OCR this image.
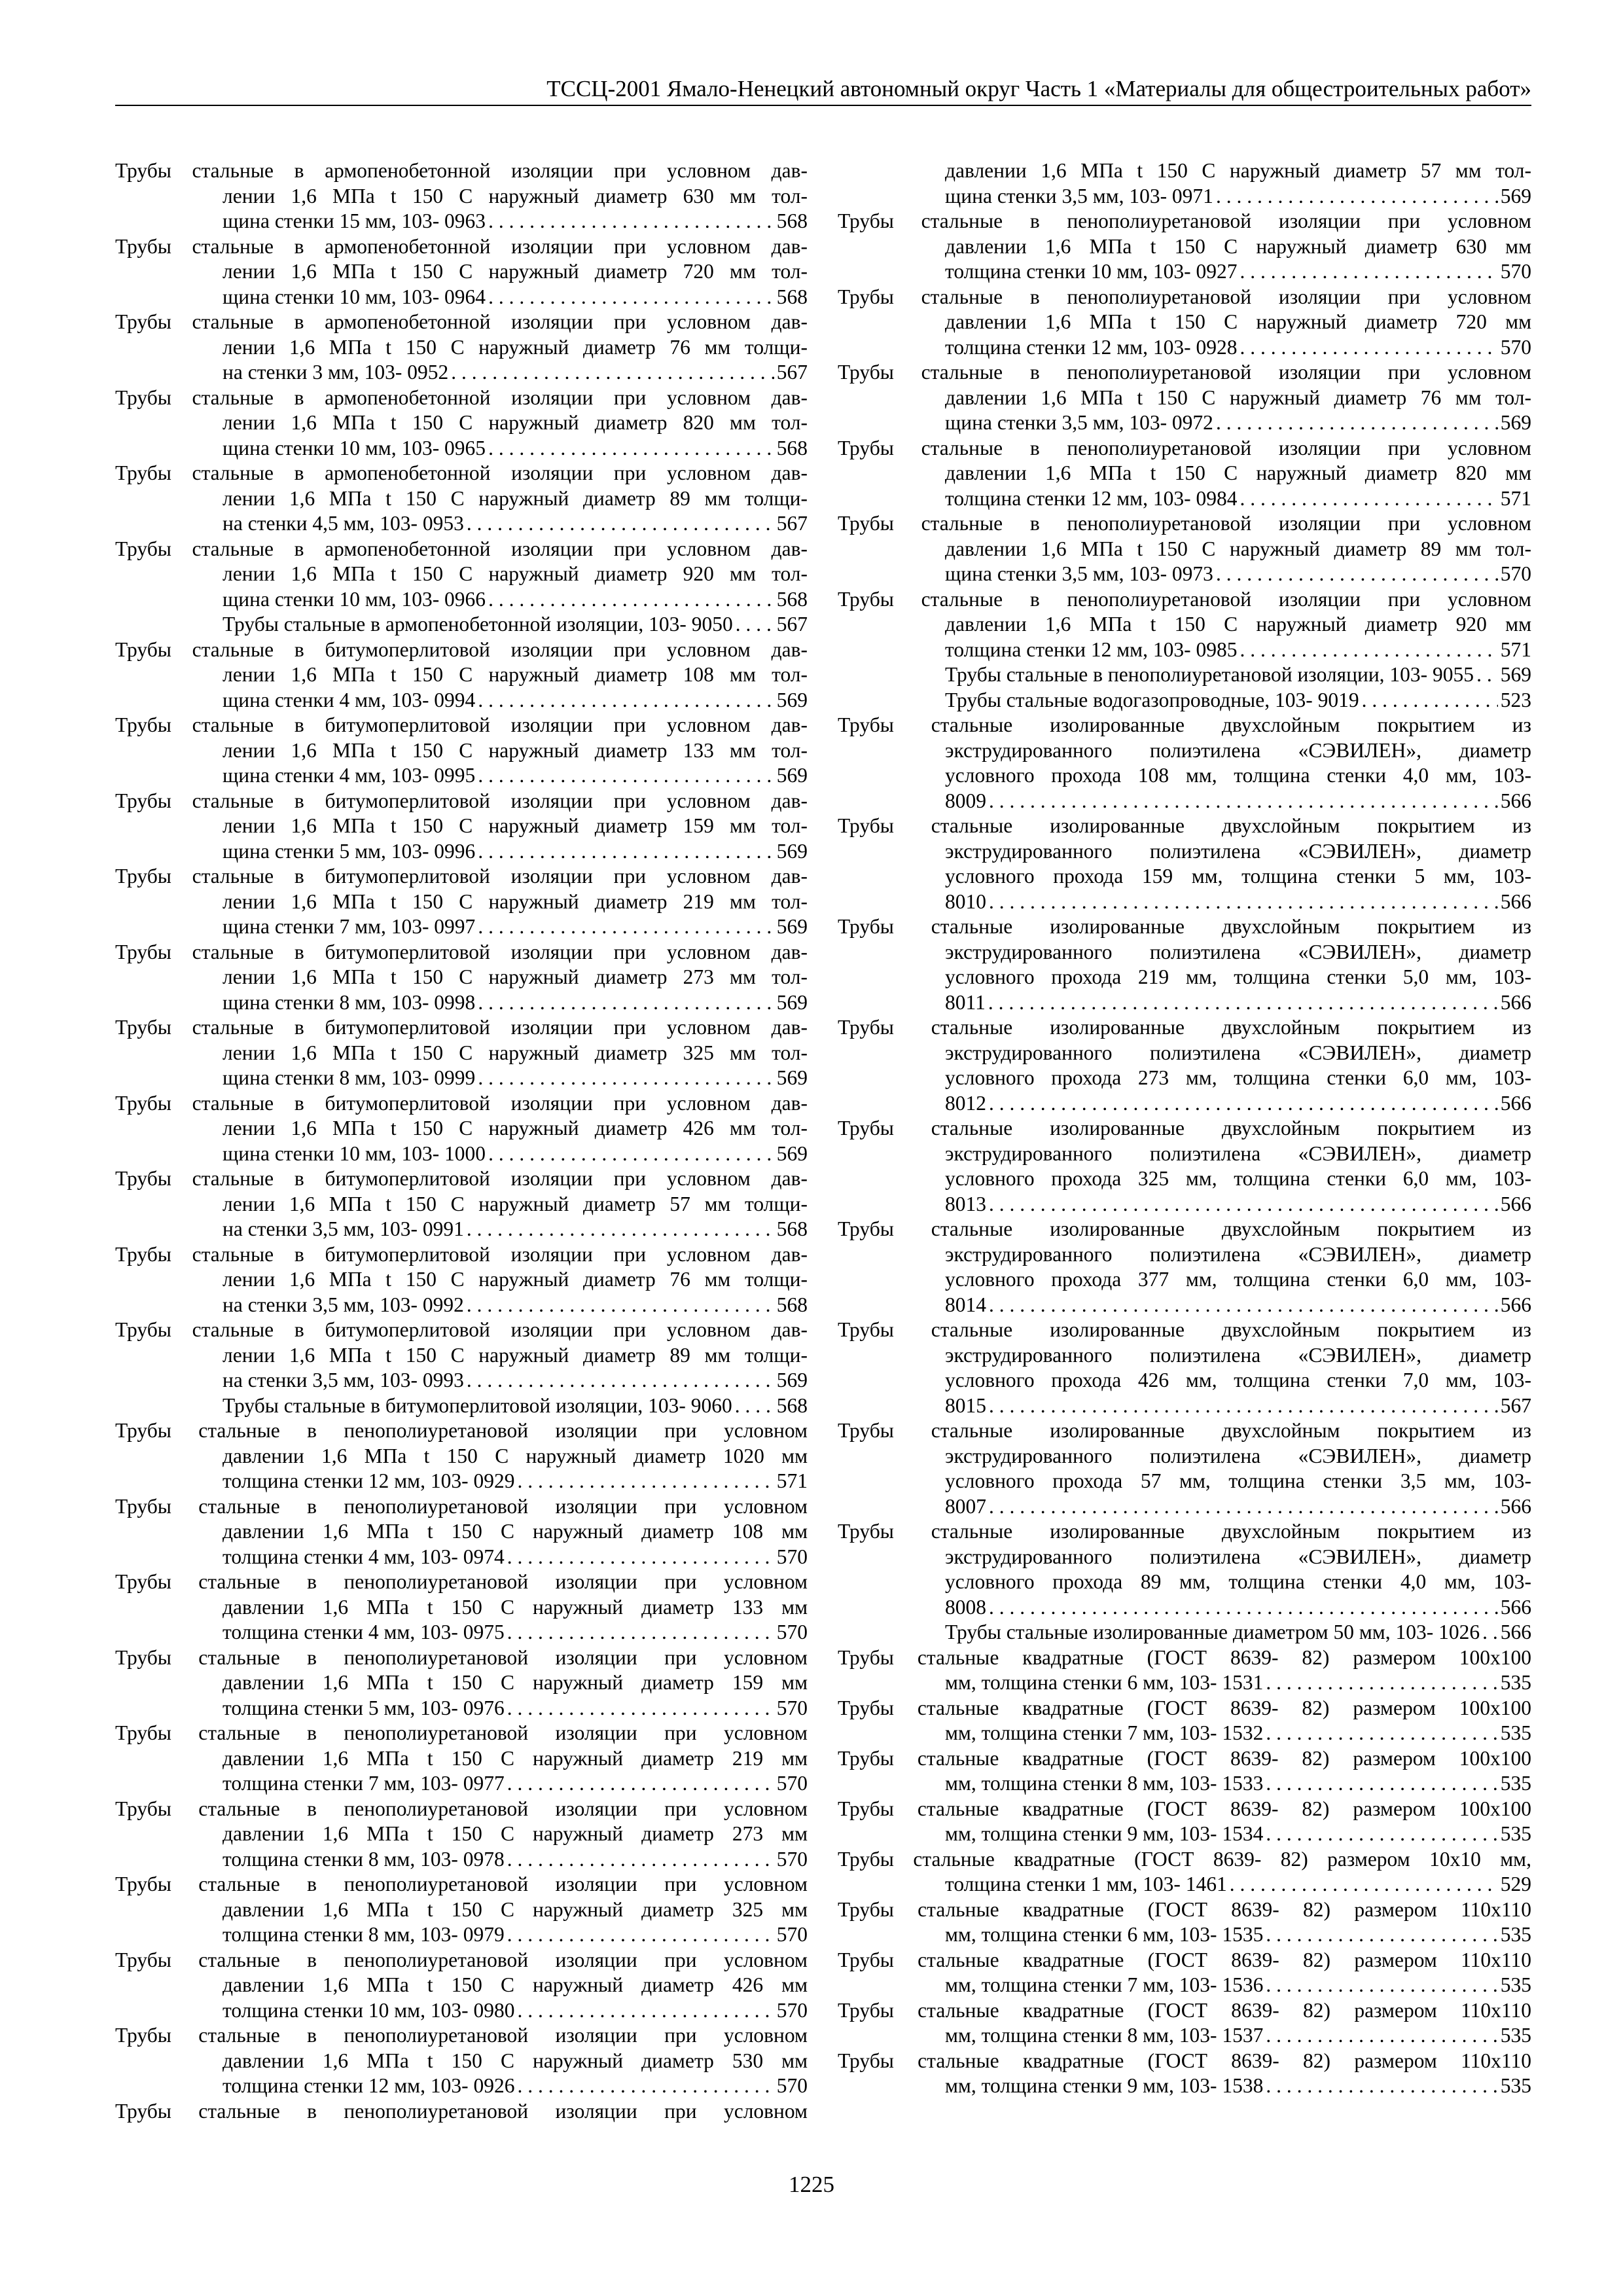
ТССЦ-2001 Ямало-Ненецкий автономный округ Часть 1 «Материалы для общестроительных работ»
Трубы стальные в армопенобетонной изоляции при условном дав-
лении 1,6 МПа t 150 С наружный диаметр 630 мм тол-
щина стенки 15 мм, 103- 0963 . . .	568
Трубы стальные в армопенобетонной изоляции при условном дав-
лении 1,6 МПа t 150 С наружный диаметр 720 мм тол-
щина стенки 10 мм, 103- 0964 . . .	568
Трубы стальные в армопенобетонной изоляции при условном дав-
лении 1,6 МПа t 150 С наружный диаметр 76 мм толщи-
на стенки 3 мм, 103- 0952 . . .	567
Трубы стальные в армопенобетонной изоляции при условном дав-
лении 1,6 МПа t 150 С наружный диаметр 820 мм тол-
щина стенки 10 мм, 103- 0965 . . .	568
Трубы стальные в армопенобетонной изоляции при условном дав-
лении 1,6 МПа t 150 С наружный диаметр 89 мм толщи-
на стенки 4,5 мм, 103- 0953 . . .	567
Трубы стальные в армопенобетонной изоляции при условном дав-
лении 1,6 МПа t 150 С наружный диаметр 920 мм тол-
щина стенки 10 мм, 103- 0966 . . .	568
Трубы стальные в армопенобетонной изоляции, 103- 9050 . . . 567
Трубы стальные в битумоперлитовой изоляции при условном дав-
лении 1,6 МПа t 150 С наружный диаметр 108 мм тол-
щина стенки 4 мм, 103- 0994 . . .	569
Трубы стальные в битумоперлитовой изоляции при условном дав-
лении 1,6 МПа t 150 С наружный диаметр 133 мм тол-
щина стенки 4 мм, 103- 0995 . . .	569
Трубы стальные в битумоперлитовой изоляции при условном дав-
лении 1,6 МПа t 150 С наружный диаметр 159 мм тол-
щина стенки 5 мм, 103- 0996 . . .	569
Трубы стальные в битумоперлитовой изоляции при условном дав-
лении 1,6 МПа t 150 С наружный диаметр 219 мм тол-
щина стенки 7 мм, 103- 0997 . . .	569
Трубы стальные в битумоперлитовой изоляции при условном дав-
лении 1,6 МПа t 150 С наружный диаметр 273 мм тол-
щина стенки 8 мм, 103- 0998 . . .	569
Трубы стальные в битумоперлитовой изоляции при условном дав-
лении 1,6 МПа t 150 С наружный диаметр 325 мм тол-
щина стенки 8 мм, 103- 0999 . . .	569
Трубы стальные в битумоперлитовой изоляции при условном дав-
лении 1,6 МПа t 150 С наружный диаметр 426 мм тол-
щина стенки 10 мм, 103- 1000 . . .	569
Трубы стальные в битумоперлитовой изоляции при условном дав-
лении 1,6 МПа t 150 С наружный диаметр 57 мм толщи-
на стенки 3,5 мм, 103- 0991 . . .	568
Трубы стальные в битумоперлитовой изоляции при условном дав-
лении 1,6 МПа t 150 С наружный диаметр 76 мм толщи-
на стенки 3,5 мм, 103- 0992 . . .	568
Трубы стальные в битумоперлитовой изоляции при условном дав-
лении 1,6 МПа t 150 С наружный диаметр 89 мм толщи-
на стенки 3,5 мм, 103- 0993 . . .	569
Трубы стальные в битумоперлитовой изоляции, 103- 9060 . . . 568
Трубы стальные в пенополиуретановой изоляции при условном
давлении 1,6 МПа t 150 С наружный диаметр 1020 мм
толщина стенки 12 мм, 103- 0929 . . .	571
Трубы стальные в пенополиуретановой изоляции при условном
давлении 1,6 МПа t 150 С наружный диаметр 108 мм
толщина стенки 4 мм, 103- 0974 . . .	570
Трубы стальные в пенополиуретановой изоляции при условном
давлении 1,6 МПа t 150 С наружный диаметр 133 мм
толщина стенки 4 мм, 103- 0975 . . .	570
Трубы стальные в пенополиуретановой изоляции при условном
давлении 1,6 МПа t 150 С наружный диаметр 159 мм
толщина стенки 5 мм, 103- 0976 . . .	570
Трубы стальные в пенополиуретановой изоляции при условном
давлении 1,6 МПа t 150 С наружный диаметр 219 мм
толщина стенки 7 мм, 103- 0977 . . .	570
Трубы стальные в пенополиуретановой изоляции при условном
давлении 1,6 МПа t 150 С наружный диаметр 273 мм
толщина стенки 8 мм, 103- 0978 . . .	570
Трубы стальные в пенополиуретановой изоляции при условном
давлении 1,6 МПа t 150 С наружный диаметр 325 мм
толщина стенки 8 мм, 103- 0979 . . .	570
Трубы стальные в пенополиуретановой изоляции при условном
давлении 1,6 МПа t 150 С наружный диаметр 426 мм
толщина стенки 10 мм, 103- 0980 . . .	570
Трубы стальные в пенополиуретановой изоляции при условном
давлении 1,6 МПа t 150 С наружный диаметр 530 мм
толщина стенки 12 мм, 103- 0926 . . .	570
Трубы стальные в пенополиуретановой изоляции при условном
давлении 1,6 МПа t 150 С наружный диаметр 57 мм тол-
щина стенки 3,5 мм, 103- 0971 . . .	569
Трубы стальные в пенополиуретановой изоляции при условном
давлении 1,6 МПа t 150 С наружный диаметр 630 мм
толщина стенки 10 мм, 103- 0927 . . .	570
Трубы стальные в пенополиуретановой изоляции при условном
давлении 1,6 МПа t 150 С наружный диаметр 720 мм
толщина стенки 12 мм, 103- 0928 . . .	570
Трубы стальные в пенополиуретановой изоляции при условном
давлении 1,6 МПа t 150 С наружный диаметр 76 мм тол-
щина стенки 3,5 мм, 103- 0972 . . .	569
Трубы стальные в пенополиуретановой изоляции при условном
давлении 1,6 МПа t 150 С наружный диаметр 820 мм
толщина стенки 12 мм, 103- 0984 . . .	571
Трубы стальные в пенополиуретановой изоляции при условном
давлении 1,6 МПа t 150 С наружный диаметр 89 мм тол-
щина стенки 3,5 мм, 103- 0973 . . .	570
Трубы стальные в пенополиуретановой изоляции при условном
давлении 1,6 МПа t 150 С наружный диаметр 920 мм
толщина стенки 12 мм, 103- 0985 . . .	571
Трубы стальные в пенополиуретановой изоляции, 103- 9055 . . . 569
Трубы стальные водогазопроводные, 103- 9019 . . .	523
Трубы стальные изолированные двухслойным покрытием из
экструдированного полиэтилена «СЭВИЛЕН», диаметр
условного прохода 108 мм, толщина стенки 4,0 мм, 103-
8009 . . .	566
Трубы стальные изолированные двухслойным покрытием из
экструдированного полиэтилена «СЭВИЛЕН», диаметр
условного прохода 159 мм, толщина стенки 5 мм, 103-
8010 . . .	566
Трубы стальные изолированные двухслойным покрытием из
экструдированного полиэтилена «СЭВИЛЕН», диаметр
условного прохода 219 мм, толщина стенки 5,0 мм, 103-
8011 . . .	566
Трубы стальные изолированные двухслойным покрытием из
экструдированного полиэтилена «СЭВИЛЕН», диаметр
условного прохода 273 мм, толщина стенки 6,0 мм, 103-
8012 . . .	566
Трубы стальные изолированные двухслойным покрытием из
экструдированного полиэтилена «СЭВИЛЕН», диаметр
условного прохода 325 мм, толщина стенки 6,0 мм, 103-
8013 . . .	566
Трубы стальные изолированные двухслойным покрытием из
экструдированного полиэтилена «СЭВИЛЕН», диаметр
условного прохода 377 мм, толщина стенки 6,0 мм, 103-
8014 . . .	566
Трубы стальные изолированные двухслойным покрытием из
экструдированного полиэтилена «СЭВИЛЕН», диаметр
условного прохода 426 мм, толщина стенки 7,0 мм, 103-
8015 . . .	567
Трубы стальные изолированные двухслойным покрытием из
экструдированного полиэтилена «СЭВИЛЕН», диаметр
условного прохода 57 мм, толщина стенки 3,5 мм, 103-
8007 . . .	566
Трубы стальные изолированные двухслойным покрытием из
экструдированного полиэтилена «СЭВИЛЕН», диаметр
условного прохода 89 мм, толщина стенки 4,0 мм, 103-
8008 . . .	566
Трубы стальные изолированные диаметром 50 мм, 103- 1026 . . . 566
Трубы стальные квадратные (ГОСТ 8639- 82) размером 100x100
мм, толщина стенки 6 мм, 103- 1531 . . .	535
Трубы стальные квадратные (ГОСТ 8639- 82) размером 100x100
мм, толщина стенки 7 мм, 103- 1532 . . .	535
Трубы стальные квадратные (ГОСТ 8639- 82) размером 100x100
мм, толщина стенки 8 мм, 103- 1533 . . .	535
Трубы стальные квадратные (ГОСТ 8639- 82) размером 100x100
мм, толщина стенки 9 мм, 103- 1534 . . .	535
Трубы стальные квадратные (ГОСТ 8639- 82) размером 10x10 мм,
толщина стенки 1 мм, 103- 1461 . . .	529
Трубы стальные квадратные (ГОСТ 8639- 82) размером 110x110
мм, толщина стенки 6 мм, 103- 1535 . . .	535
Трубы стальные квадратные (ГОСТ 8639- 82) размером 110x110
мм, толщина стенки 7 мм, 103- 1536 . . .	535
Трубы стальные квадратные (ГОСТ 8639- 82) размером 110x110
мм, толщина стенки 8 мм, 103- 1537 . . .	535
Трубы стальные квадратные (ГОСТ 8639- 82) размером 110x110
мм, толщина стенки 9 мм, 103- 1538 . . .	535
1225
